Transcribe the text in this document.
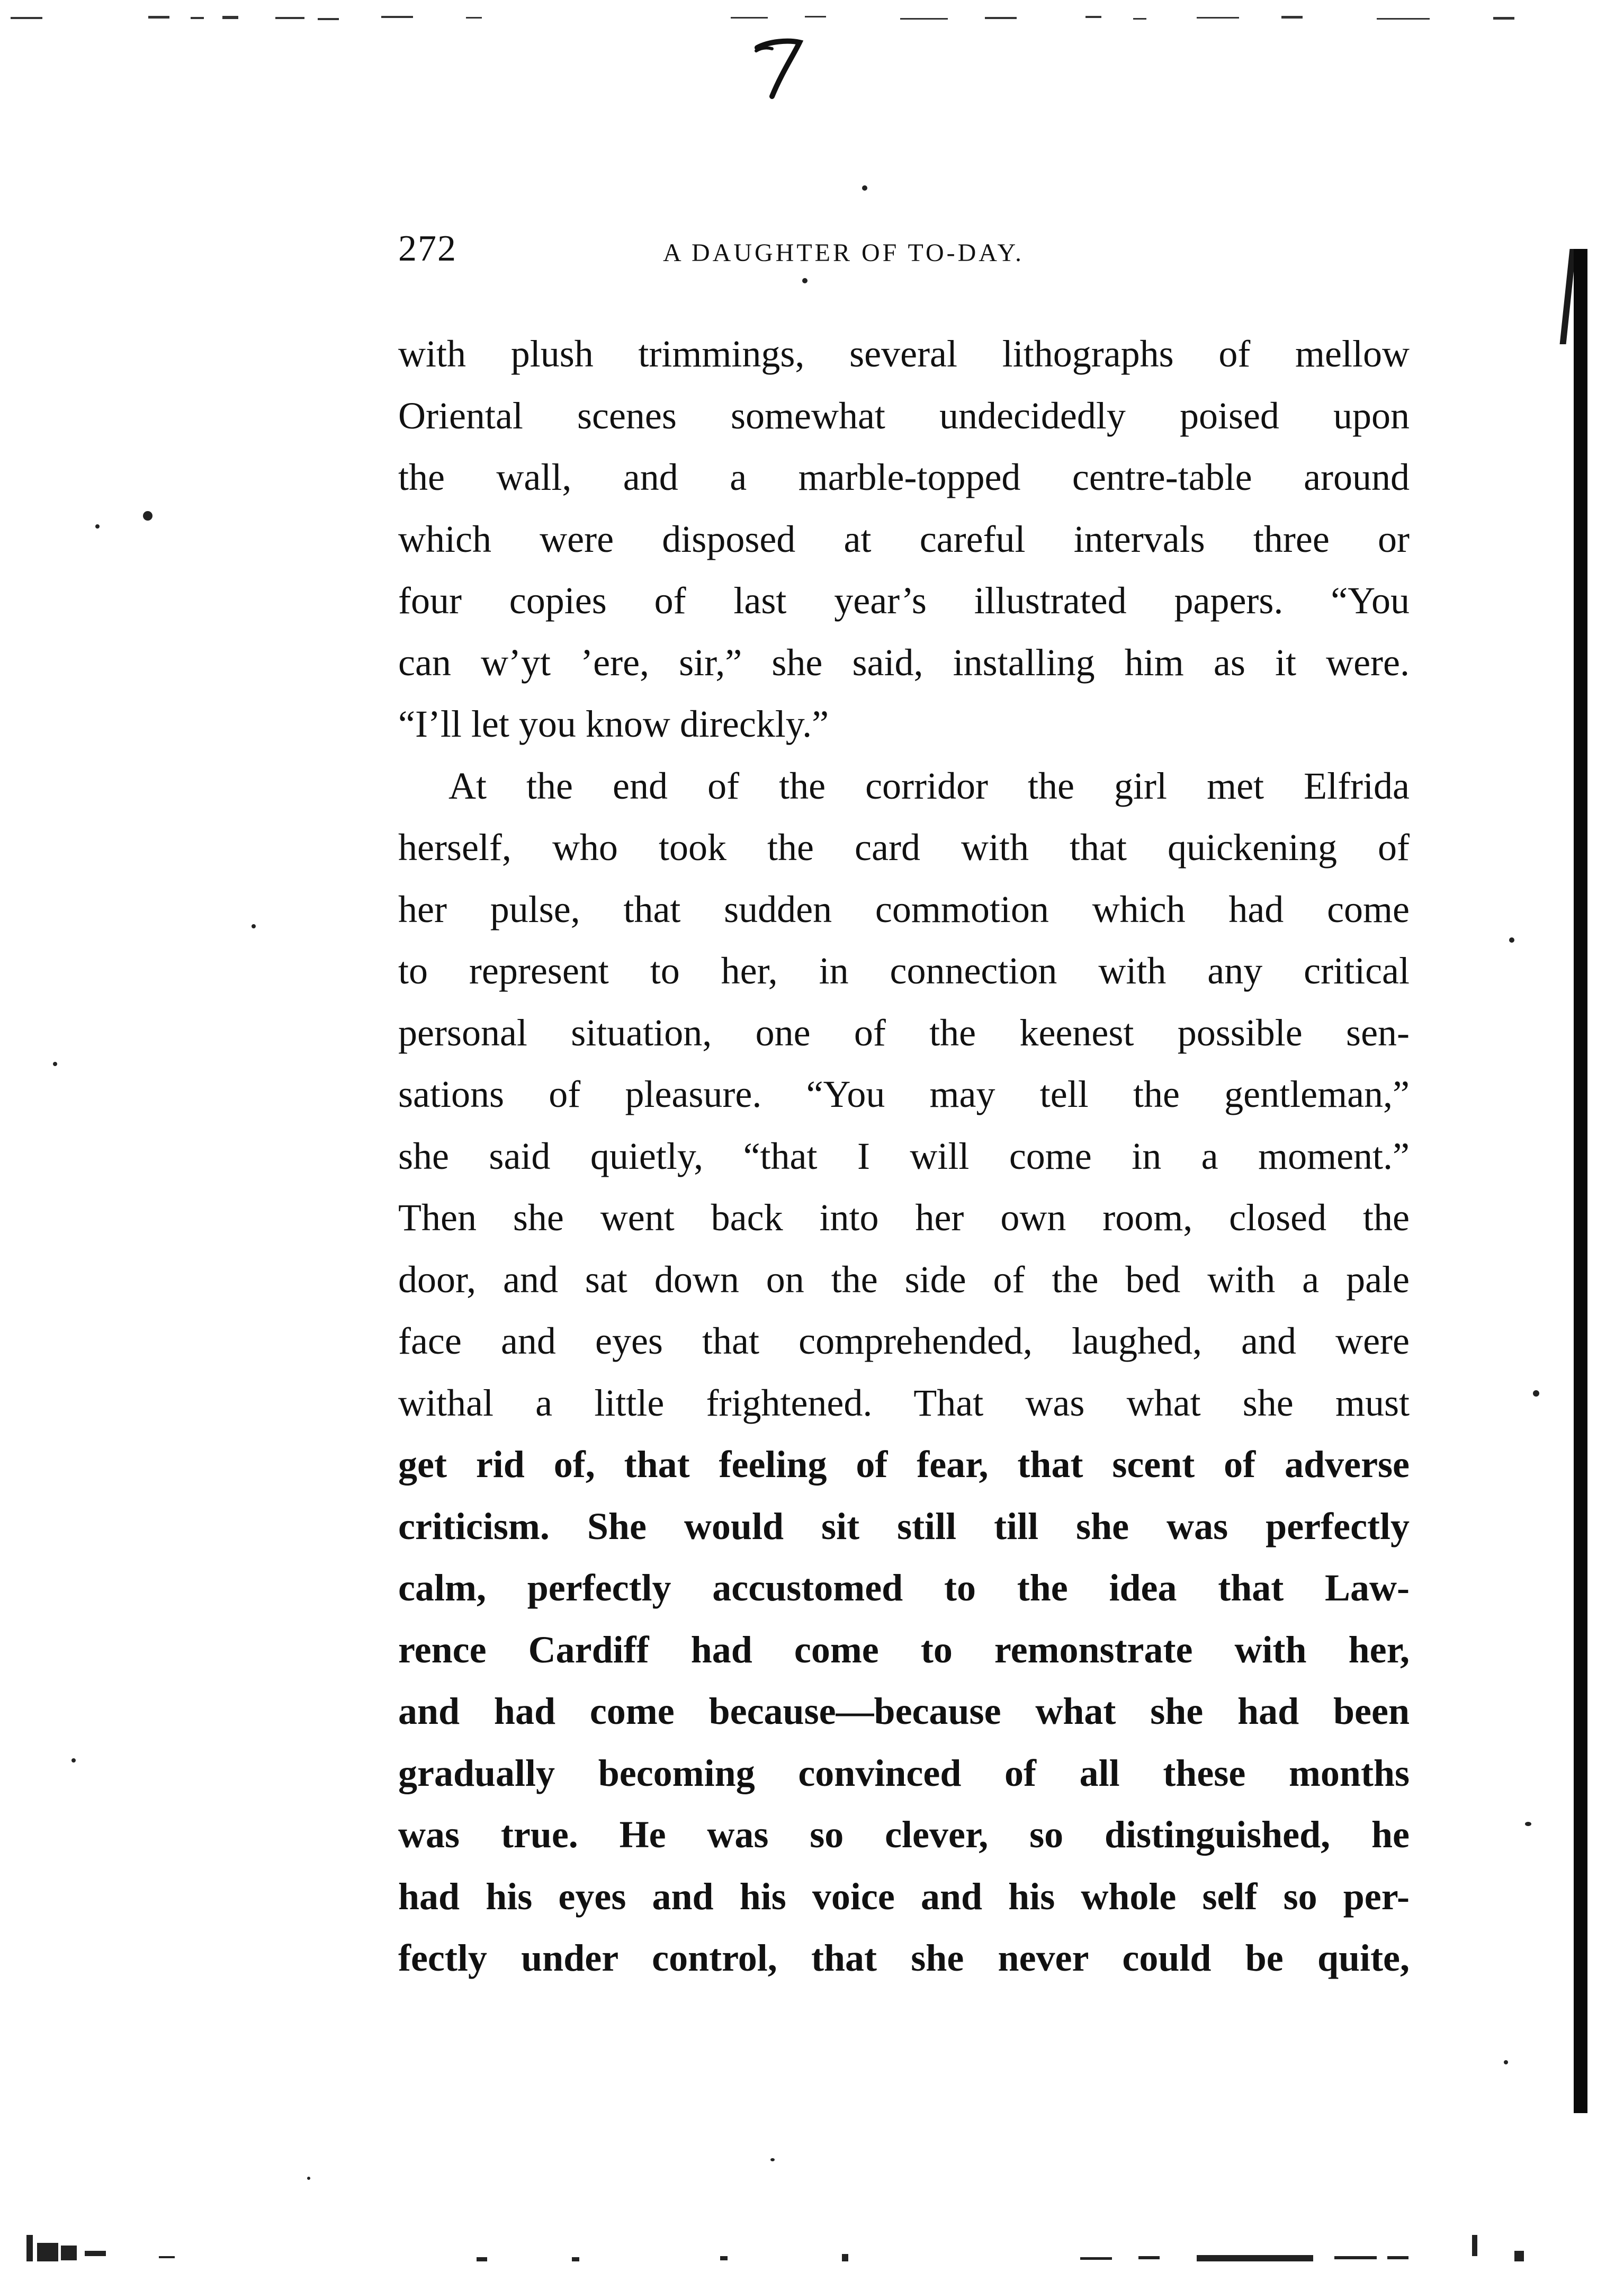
272	A DAUGHTER OF TO-DAY.
with plush trimmings, several lithographs of mellow
Oriental scenes somewhat undecidedly poised upon
the wall, and a marble-topped centre-table around
which were disposed at careful intervals three or
four copies of last year’s illustrated papers. “You
can w’yt ’ere, sir,” she said, installing him as it were.
“I’ll let you know direckly.”
At the end of the corridor the girl met Elfrida
herself, who took the card with that quickening of
her pulse, that sudden commotion which had come
to represent to her, in connection with any critical
personal situation, one of the keenest possible sen-
sations of pleasure. “You may tell the gentleman,”
she said quietly, “that I will come in a moment.”
Then she went back into her own room, closed the
door, and sat down on the side of the bed with a pale
face and eyes that comprehended, laughed, and were
withal a little frightened. That was what she must
get rid of, that feeling of fear, that scent of adverse
criticism. She would sit still till she was perfectly
calm, perfectly accustomed to the idea that Law-
rence Cardiff had come to remonstrate with her,
and had come because—because what she had been
gradually becoming convinced of all these months
was true. He was so clever, so distinguished, he
had his eyes and his voice and his whole self so per-
fectly under control, that she never could be quite,
